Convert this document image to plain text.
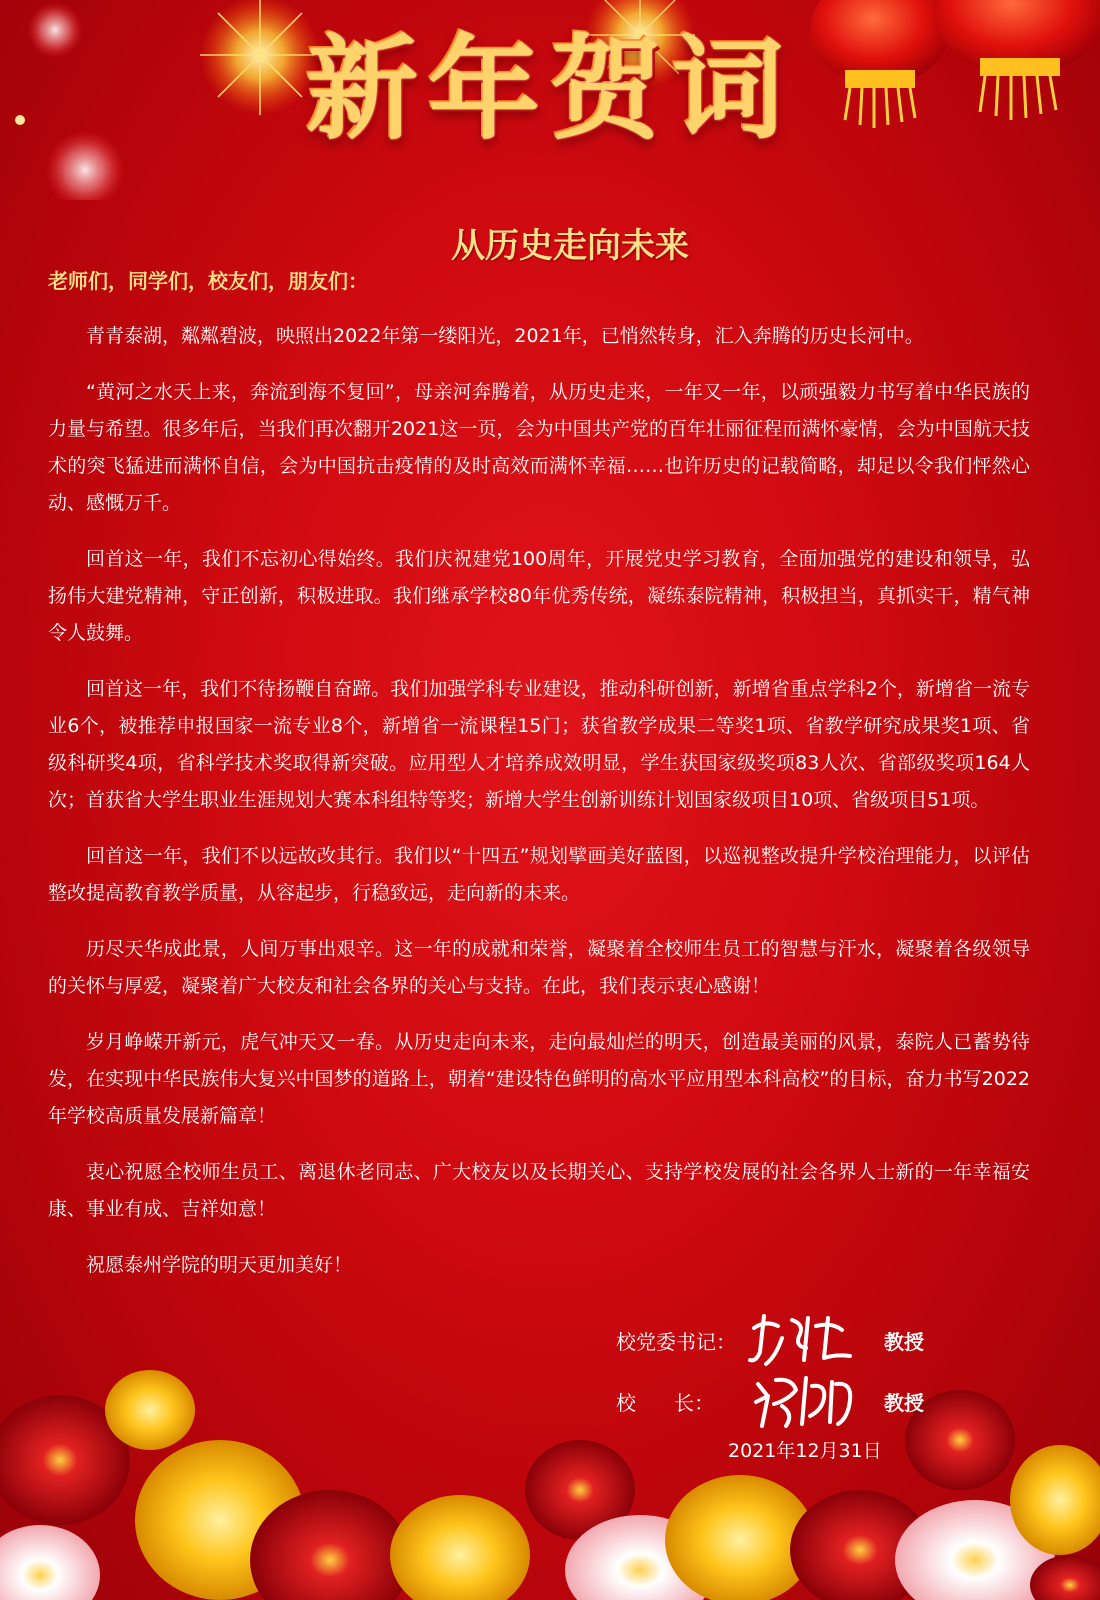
新年贺词
从历史走向未来
老师们，同学们，校友们，朋友们：

青青泰湖，粼粼碧波，映照出2022年第一缕阳光，2021年，已悄然转身，汇入奔腾的历史长河中。

“黄河之水天上来，奔流到海不复回”，母亲河奔腾着，从历史走来，一年又一年，以顽强毅力书写着中华民族的力量与希望。很多年后，当我们再次翻开2021这一页，会为中国共产党的百年壮丽征程而满怀豪情，会为中国航天技术的突飞猛进而满怀自信，会为中国抗击疫情的及时高效而满怀幸福……也许历史的记载简略，却足以令我们怦然心动、感慨万千。

回首这一年，我们不忘初心得始终。我们庆祝建党100周年，开展党史学习教育，全面加强党的建设和领导，弘扬伟大建党精神，守正创新，积极进取。我们继承学校80年优秀传统，凝练泰院精神，积极担当，真抓实干，精气神令人鼓舞。

回首这一年，我们不待扬鞭自奋蹄。我们加强学科专业建设，推动科研创新，新增省重点学科2个，新增省一流专业6个，被推荐申报国家一流专业8个，新增省一流课程15门；获省教学成果二等奖1项、省教学研究成果奖1项、省级科研奖4项，省科学技术奖取得新突破。应用型人才培养成效明显，学生获国家级奖项83人次、省部级奖项164人次；首获省大学生职业生涯规划大赛本科组特等奖；新增大学生创新训练计划国家级项目10项、省级项目51项。

回首这一年，我们不以远故改其行。我们以“十四五”规划擘画美好蓝图，以巡视整改提升学校治理能力，以评估整改提高教育教学质量，从容起步，行稳致远，走向新的未来。

历尽天华成此景，人间万事出艰辛。这一年的成就和荣誉，凝聚着全校师生员工的智慧与汗水，凝聚着各级领导的关怀与厚爱，凝聚着广大校友和社会各界的关心与支持。在此，我们表示衷心感谢！

岁月峥嵘开新元，虎气冲天又一春。从历史走向未来，走向最灿烂的明天，创造最美丽的风景，泰院人已蓄势待发，在实现中华民族伟大复兴中国梦的道路上，朝着“建设特色鲜明的高水平应用型本科高校”的目标，奋力书写2022年学校高质量发展新篇章！

衷心祝愿全校师生员工、离退休老同志、广大校友以及长期关心、支持学校发展的社会各界人士新的一年幸福安康、事业有成、吉祥如意！

祝愿泰州学院的明天更加美好！

校党委书记：	教授
校      长：	教授
2021年12月31日
